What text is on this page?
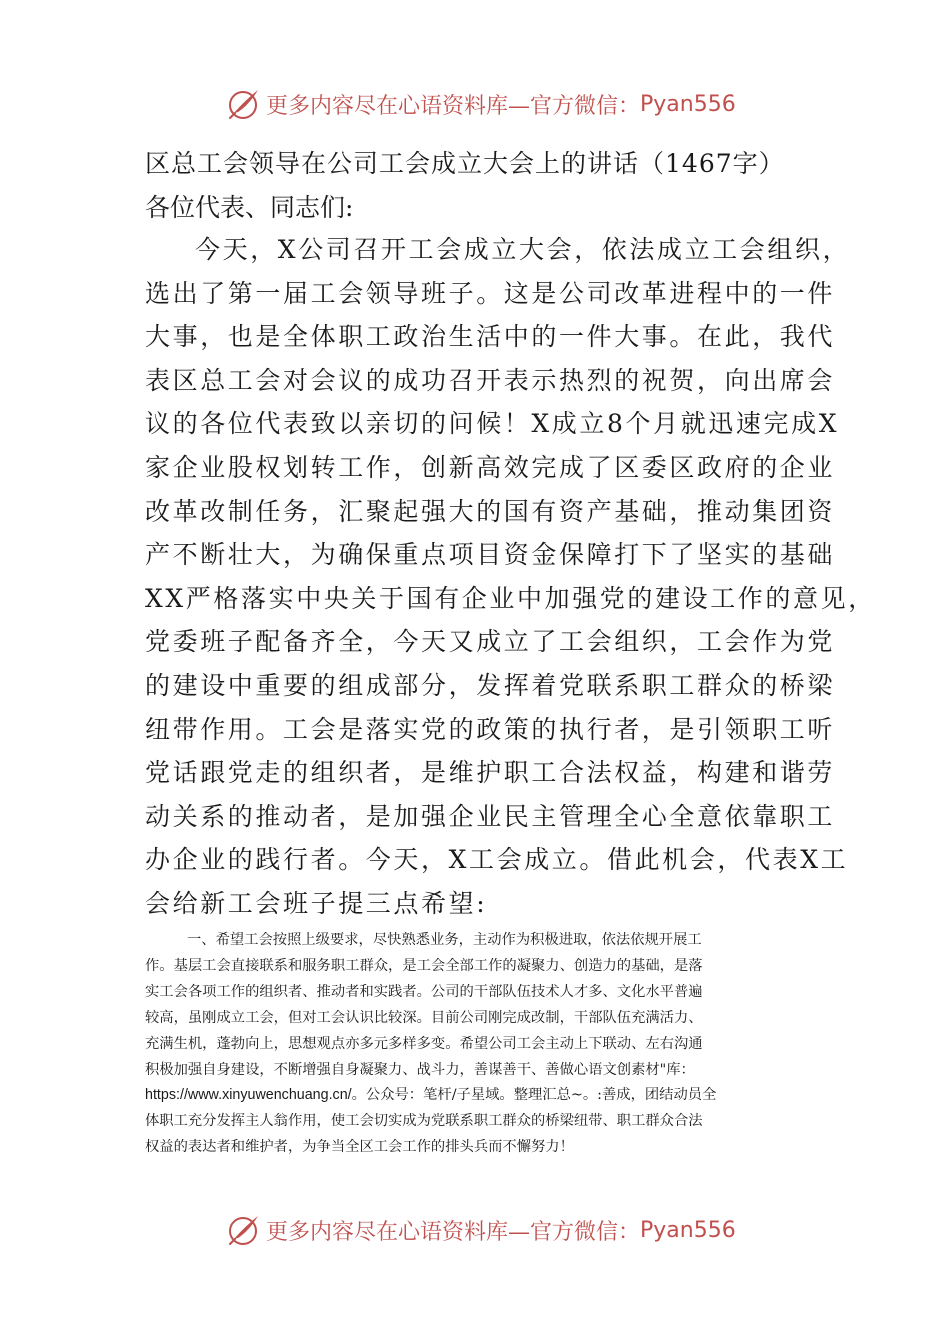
更多内容尽在心语资料库—官方微信： Pyan556
区总工会领导在公司工会成立大会上的讲话（1467字）
各位代表、同志们:
今天，X公司召开工会成立大会，依法成立工会组织，
选出了第一届工会领导班子。这是公司改革进程中的一件
大事，也是全体职工政治生活中的一件大事。在此，我代
表区总工会对会议的成功召开表示热烈的祝贺，向出席会
议的各位代表致以亲切的问候！X成立8个月就迅速完成X
家企业股权划转工作，创新高效完成了区委区政府的企业
改革改制任务，汇聚起强大的国有资产基础，推动集团资
产不断壮大，为确保重点项目资金保障打下了坚实的基础
XX严格落实中央关于国有企业中加强党的建设工作的意见，
党委班子配备齐全，今天又成立了工会组织，工会作为党
的建设中重要的组成部分，发挥着党联系职工群众的桥梁
纽带作用。工会是落实党的政策的执行者，是引领职工听
党话跟党走的组织者，是维护职工合法权益，构建和谐劳
动关系的推动者，是加强企业民主管理全心全意依靠职工
办企业的践行者。今天，X工会成立。借此机会，代表X工
会给新工会班子提三点希望:
一、希望工会按照上级要求，尽快熟悉业务，主动作为积极进取，依法依规开展工
作。基层工会直接联系和服务职工群众，是工会全部工作的凝聚力、创造力的基础，是落
实工会各项工作的组织者、推动者和实践者。公司的干部队伍技术人才多、文化水平普遍
较高，虽刚成立工会，但对工会认识比较深。目前公司刚完成改制，干部队伍充满活力、
充满生机，蓬勃向上，思想观点亦多元多样多变。希望公司工会主动上下联动、左右沟通
积极加强自身建设，不断增强自身凝聚力、战斗力，善谋善干、善做心语文创素材"库：
https://www.xinyuwenchuang.cn/。公众号：笔杆/子星域。整理汇总~。:善成，团结动员全
体职工充分发挥主人翁作用，使工会切实成为党联系职工群众的桥梁纽带、职工群众合法
权益的表达者和维护者，为争当全区工会工作的排头兵而不懈努力！
更多内容尽在心语资料库—官方微信： Pyan556
